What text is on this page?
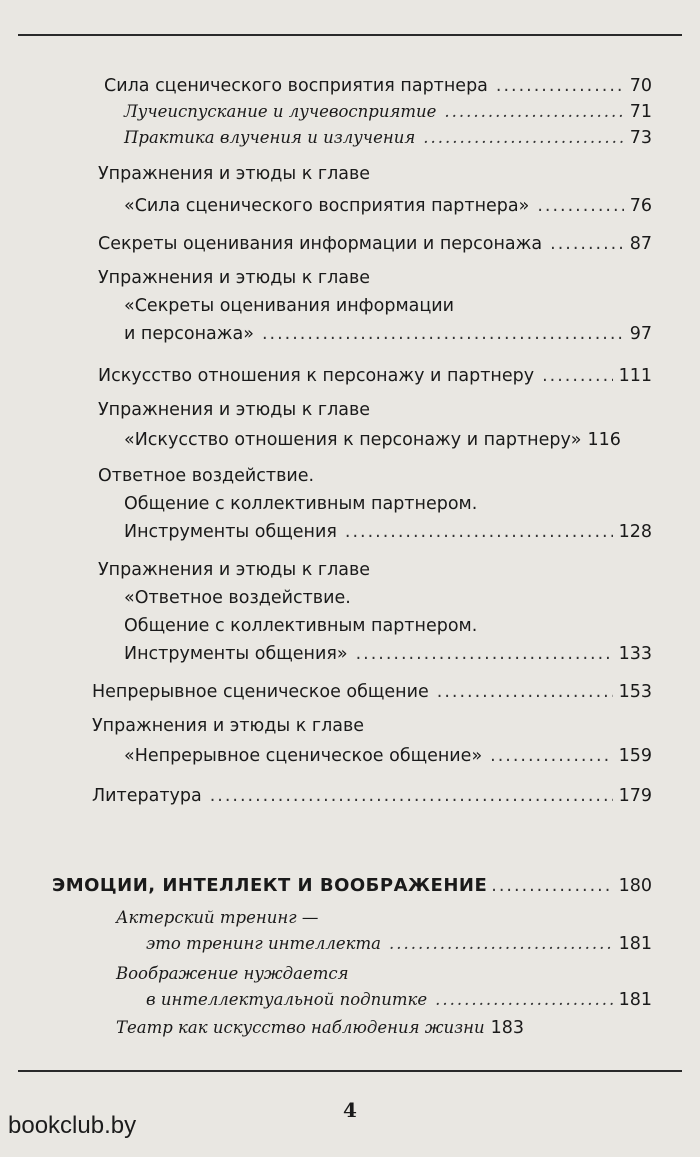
Сила сценического восприятия партнера .....	70
Лучеиспускание и лучевосприятие .....	71
Практика влучения и излучения .....	73
Упражнения и этюды к главе
«Сила сценического восприятия партнера» .....	76
Секреты оценивания информации и персонажа .....	87
Упражнения и этюды к главе
«Секреты оценивания информации
и персонажа» .....	97
Искусство отношения к персонажу и партнеру .....	111
Упражнения и этюды к главе
«Искусство отношения к персонажу и партнеру» 116
Ответное воздействие.
Общение с коллективным партнером.
Инструменты общения .....	128
Упражнения и этюды к главе
«Ответное воздействие.
Общение с коллективным партнером.
Инструменты общения» .....	133
Непрерывное сценическое общение .....	153
Упражнения и этюды к главе
«Непрерывное сценическое общение» .....	159
Литература .....	179
ЭМОЦИИ, ИНТЕЛЛЕКТ И ВООБРАЖЕНИЕ .....	180
Актерский тренинг —
это тренинг интеллекта .....	181
Воображение нуждается
в интеллектуальной подпитке .....	181
Театр как искусство наблюдения жизни 183
4
bookclub.by
